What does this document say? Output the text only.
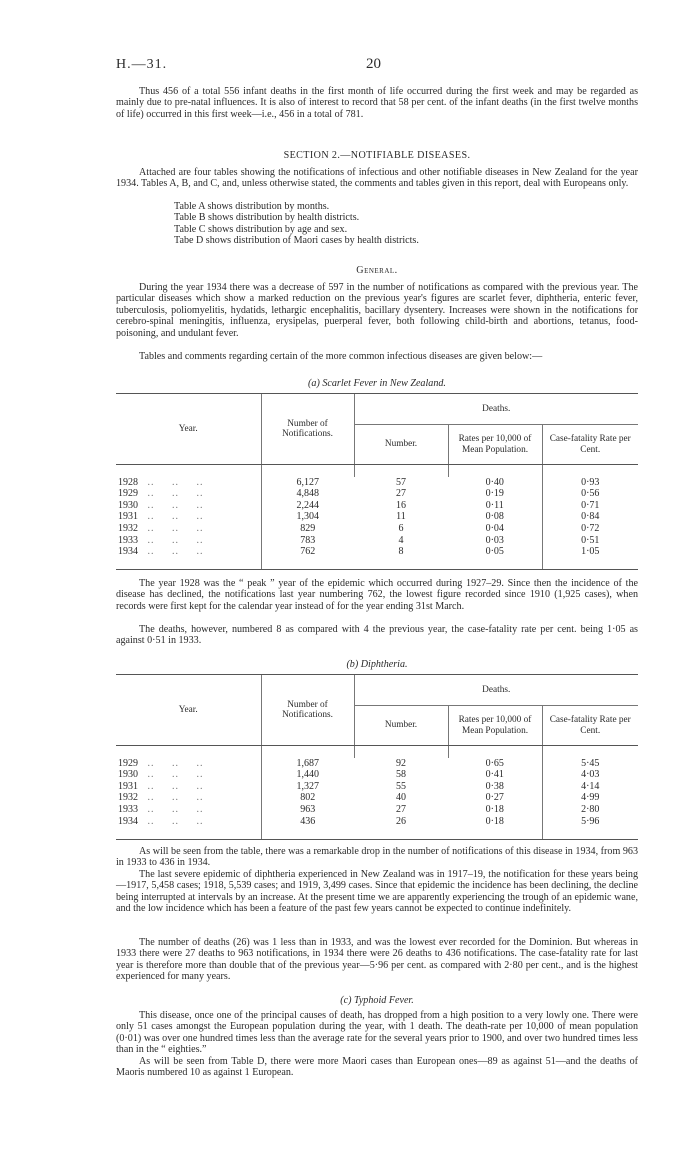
H.—31.	20

Thus 456 of a total 556 infant deaths in the first month of life occurred during the first week and may be regarded as mainly due to pre-natal influences. It is also of interest to record that 58 per cent. of the infant deaths (in the first twelve months of life) occurred in this first week—i.e., 456 in a total of 781.

SECTION 2.—NOTIFIABLE DISEASES.

Attached are four tables showing the notifications of infectious and other notifiable diseases in New Zealand for the year 1934. Tables A, B, and C, and, unless otherwise stated, the comments and tables given in this report, deal with Europeans only.

Table A shows distribution by months.
Table B shows distribution by health districts.
Table C shows distribution by age and sex.
Tabe D shows distribution of Maori cases by health districts.

General.

During the year 1934 there was a decrease of 597 in the number of notifications as compared with the previous year. The particular diseases which show a marked reduction on the previous year's figures are scarlet fever, diphtheria, enteric fever, tuberculosis, poliomyelitis, hydatids, lethargic encephalitis, bacillary dysentery. Increases were shown in the notifications for cerebro-spinal meningitis, influenza, erysipelas, puerperal fever, both following child-birth and abortions, tetanus, food-poisoning, and undulant fever.

Tables and comments regarding certain of the more common infectious diseases are given below:—

(a) Scarlet Fever in New Zealand.

Year.	Number of Notifications.	Deaths.		
		Number.	Rates per 10,000 of Mean Population.	Case-fatality Rate per Cent.

1928   ..     ..     ..	6,127	57	0·40	0·93
1929   ..     ..     ..	4,848	27	0·19	0·56
1930   ..     ..     ..	2,244	16	0·11	0·71
1931   ..     ..     ..	1,304	11	0·08	0·84
1932   ..     ..     ..	829	6	0·04	0·72
1933   ..     ..     ..	783	4	0·03	0·51
1934   ..     ..     ..	762	8	0·05	1·05

The year 1928 was the “ peak ” year of the epidemic which occurred during 1927–29. Since then the incidence of the disease has declined, the notifications last year numbering 762, the lowest figure recorded since 1910 (1,925 cases), when records were first kept for the calendar year instead of for the year ending 31st March.

The deaths, however, numbered 8 as compared with 4 the previous year, the case-fatality rate per cent. being 1·05 as against 0·51 in 1933.

(b) Diphtheria.

Year.	Number of Notifications.	Deaths.		
		Number.	Rates per 10,000 of Mean Population.	Case-fatality Rate per Cent.

1929   ..     ..     ..	1,687	92	0·65	5·45
1930   ..     ..     ..	1,440	58	0·41	4·03
1931   ..     ..     ..	1,327	55	0·38	4·14
1932   ..     ..     ..	802	40	0·27	4·99
1933   ..     ..     ..	963	27	0·18	2·80
1934   ..     ..     ..	436	26	0·18	5·96

As will be seen from the table, there was a remarkable drop in the number of notifications of this disease in 1934, from 963 in 1933 to 436 in 1934.

The last severe epidemic of diphtheria experienced in New Zealand was in 1917–19, the notification for these years being—1917, 5,458 cases; 1918, 5,539 cases; and 1919, 3,499 cases. Since that epidemic the incidence has been declining, the decline being interrupted at intervals by an increase. At the present time we are apparently experiencing the trough of an epidemic wane, and the low incidence which has been a feature of the past few years cannot be expected to continue indefinitely.

The number of deaths (26) was 1 less than in 1933, and was the lowest ever recorded for the Dominion. But whereas in 1933 there were 27 deaths to 963 notifications, in 1934 there were 26 deaths to 436 notifications. The case-fatality rate for last year is therefore more than double that of the previous year—5·96 per cent. as compared with 2·80 per cent., and is the highest experienced for many years.

(c) Typhoid Fever.

This disease, once one of the principal causes of death, has dropped from a high position to a very lowly one. There were only 51 cases amongst the European population during the year, with 1 death. The death-rate per 10,000 of mean population (0·01) was over one hundred times less than the average rate for the several years prior to 1900, and over two hundred times less than in the “ eighties.”

As will be seen from Table D, there were more Maori cases than European ones—89 as against 51—and the deaths of Maoris numbered 10 as against 1 European.
